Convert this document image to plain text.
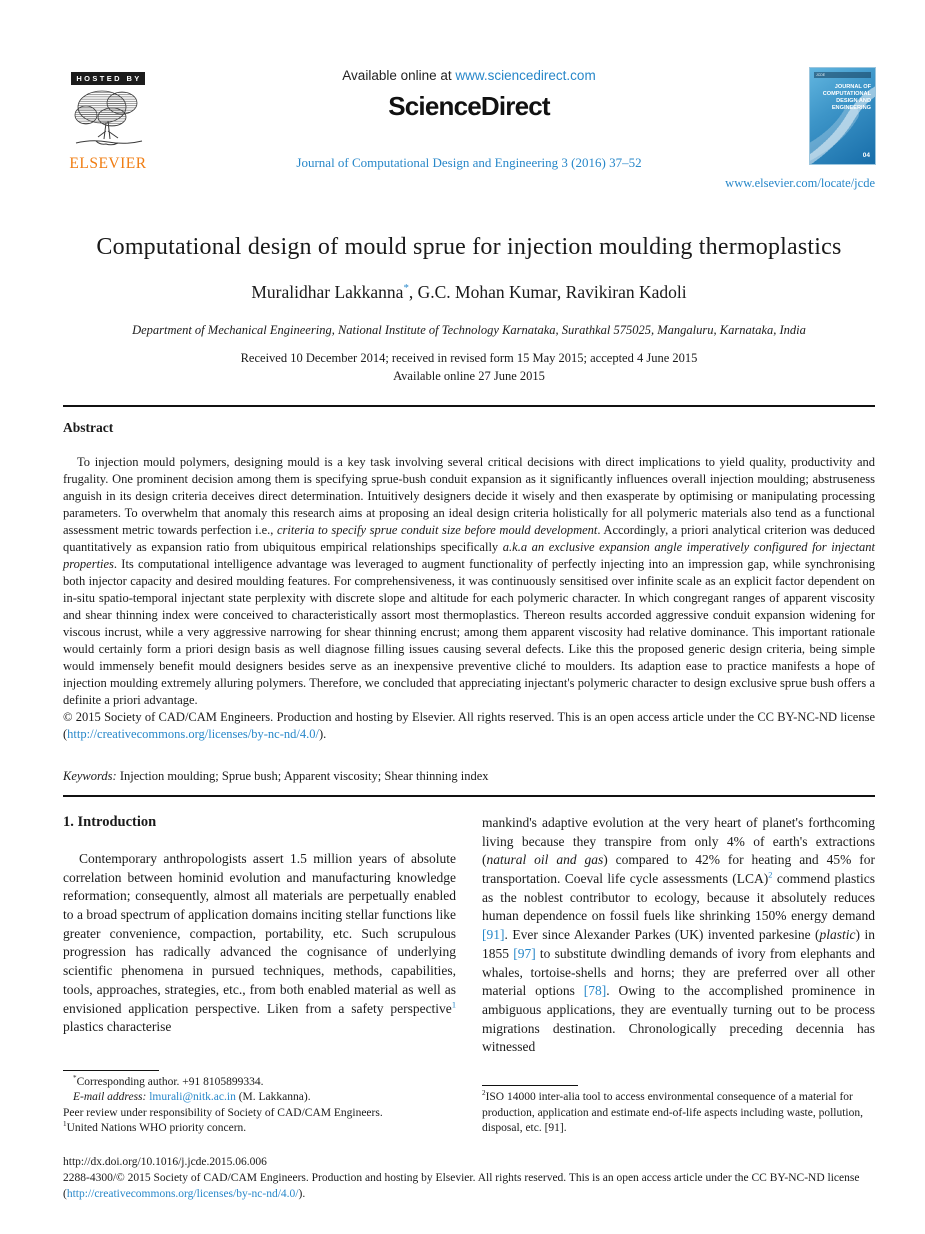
HOSTED BY
ELSEVIER
Available online at www.sciencedirect.com
ScienceDirect
Journal of Computational Design and Engineering 3 (2016) 37–52
JCDE
JOURNAL OF COMPUTATIONAL DESIGN AND ENGINEERING
04
www.elsevier.com/locate/jcde
Computational design of mould sprue for injection moulding thermoplastics
Muralidhar Lakkanna*, G.C. Mohan Kumar, Ravikiran Kadoli
Department of Mechanical Engineering, National Institute of Technology Karnataka, Surathkal 575025, Mangaluru, Karnataka, India
Received 10 December 2014; received in revised form 15 May 2015; accepted 4 June 2015
Available online 27 June 2015
Abstract

To injection mould polymers, designing mould is a key task involving several critical decisions with direct implications to yield quality, productivity and frugality. One prominent decision among them is specifying sprue-bush conduit expansion as it significantly influences overall injection moulding; abstruseness anguish in its design criteria deceives direct determination. Intuitively designers decide it wisely and then exasperate by optimising or manipulating processing parameters. To overwhelm that anomaly this research aims at proposing an ideal design criteria holistically for all polymeric materials also tend as a functional assessment metric towards perfection i.e., criteria to specify sprue conduit size before mould development. Accordingly, a priori analytical criterion was deduced quantitatively as expansion ratio from ubiquitous empirical relationships specifically a.k.a an exclusive expansion angle imperatively configured for injectant properties. Its computational intelligence advantage was leveraged to augment functionality of perfectly injecting into an impression gap, while synchronising both injector capacity and desired moulding features. For comprehensiveness, it was continuously sensitised over infinite scale as an explicit factor dependent on in-situ spatio-temporal injectant state perplexity with discrete slope and altitude for each polymeric character. In which congregant ranges of apparent viscosity and shear thinning index were conceived to characteristically assort most thermoplastics. Thereon results accorded aggressive conduit expansion widening for viscous incrust, while a very aggressive narrowing for shear thinning encrust; among them apparent viscosity had relative dominance. This important rationale would certainly form a priori design basis as well diagnose filling issues causing several defects. Like this the proposed generic design criteria, being simple would immensely benefit mould designers besides serve as an inexpensive preventive cliché to moulders. Its adaption ease to practice manifests a hope of injection moulding extremely alluring polymers. Therefore, we concluded that appreciating injectant's polymeric character to design exclusive sprue bush offers a definite a priori advantage.

© 2015 Society of CAD/CAM Engineers. Production and hosting by Elsevier. All rights reserved. This is an open access article under the CC BY-NC-ND license (http://creativecommons.org/licenses/by-nc-nd/4.0/).

Keywords: Injection moulding; Sprue bush; Apparent viscosity; Shear thinning index

1. Introduction

Contemporary anthropologists assert 1.5 million years of absolute correlation between hominid evolution and manufacturing knowledge reformation; consequently, almost all materials are perpetually enabled to a broad spectrum of application domains inciting stellar functions like greater convenience, compaction, portability, etc. Such scrupulous progression has radically advanced the cognisance of underlying scientific phenomena in pursued techniques, methods, capabilities, tools, approaches, strategies, etc., from both enabled material as well as envisioned application perspective. Liken from a safety perspective$^1$ plastics characterise

*Corresponding author. +91 8105899334.

E-mail address: lmurali@nitk.ac.in (M. Lakkanna).

Peer review under responsibility of Society of CAD/CAM Engineers.

$^1$United Nations WHO priority concern.

mankind's adaptive evolution at the very heart of planet's forthcoming living because they transpire from only 4% of earth's extractions (natural oil and gas) compared to 42% for heating and 45% for transportation. Coeval life cycle assessments (LCA)$^2$ commend plastics as the noblest contributor to ecology, because it absolutely reduces human dependence on fossil fuels like shrinking 150% energy demand [91]. Ever since Alexander Parkes (UK) invented parkesine (plastic) in 1855 [97] to substitute dwindling demands of ivory from elephants and whales, tortoise-shells and horns; they are preferred over all other material options [78]. Owing to the accomplished prominence in ambiguous applications, they are eventually turning out to be process migrations destination. Chronologically preceding decennia has witnessed

$^2$ISO 14000 inter-alia tool to access environmental consequence of a material for production, application and estimate end-of-life aspects including waste, pollution, disposal, etc. [91].

http://dx.doi.org/10.1016/j.jcde.2015.06.006

2288-4300/© 2015 Society of CAD/CAM Engineers. Production and hosting by Elsevier. All rights reserved. This is an open access article under the CC BY-NC-ND license (http://creativecommons.org/licenses/by-nc-nd/4.0/).
